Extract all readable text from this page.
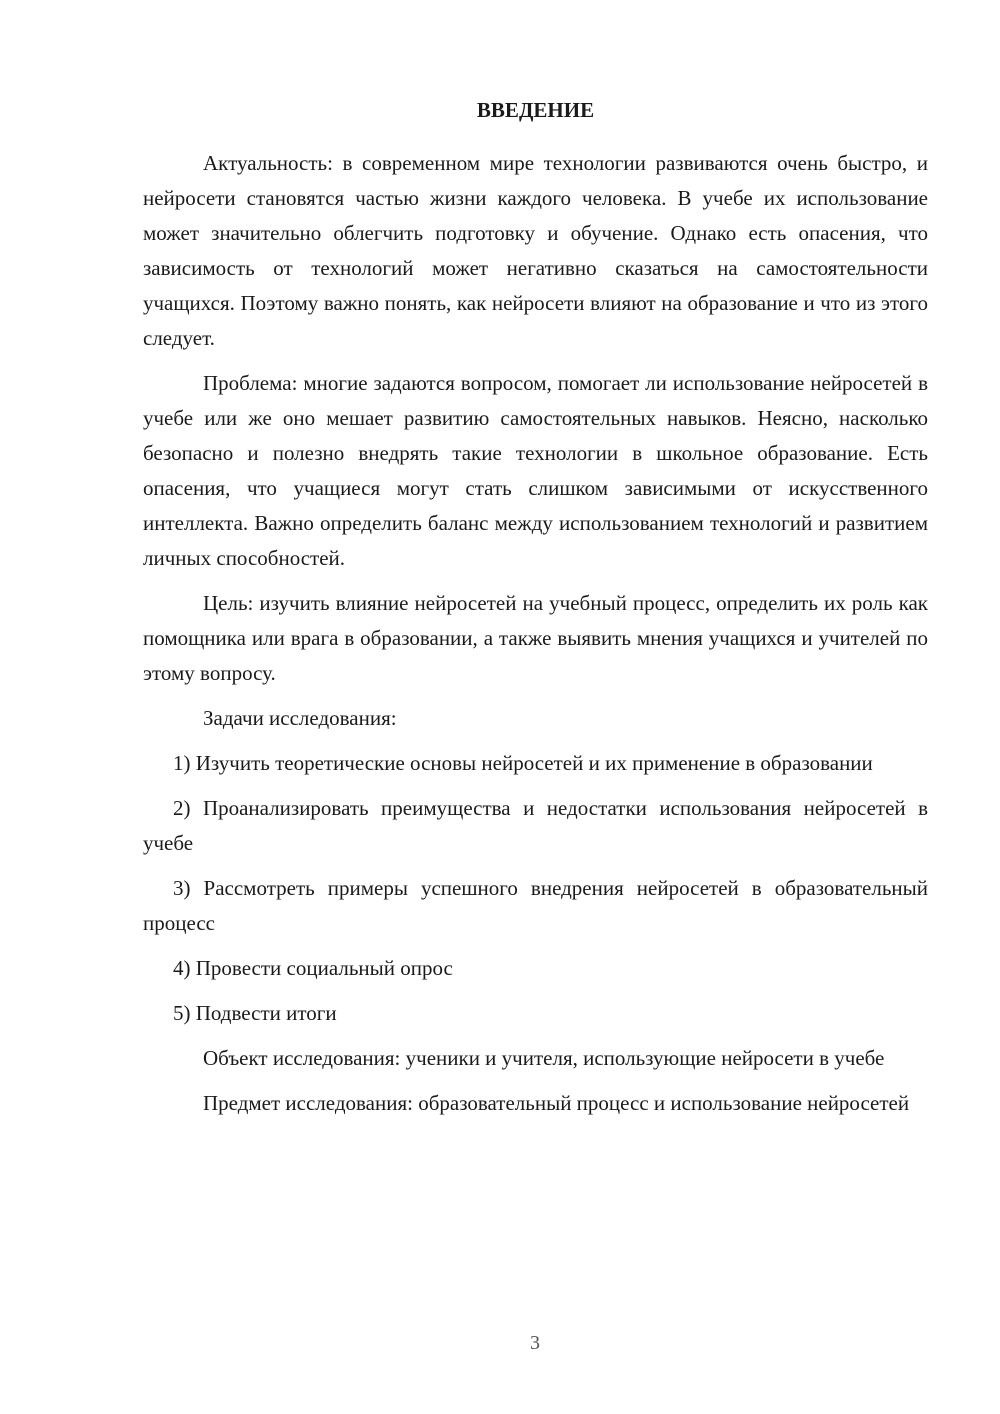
ВВЕДЕНИЕ

Актуальность: в современном мире технологии развиваются очень быстро, и нейросети становятся частью жизни каждого человека. В учебе их использование может значительно облегчить подготовку и обучение. Однако есть опасения, что зависимость от технологий может негативно сказаться на самостоятельности учащихся. Поэтому важно понять, как нейросети влияют на образование и что из этого следует.

Проблема: многие задаются вопросом, помогает ли использование нейросетей в учебе или же оно мешает развитию самостоятельных навыков. Неясно, насколько безопасно и полезно внедрять такие технологии в школьное образование. Есть опасения, что учащиеся могут стать слишком зависимыми от искусственного интеллекта. Важно определить баланс между использованием технологий и развитием личных способностей.

Цель: изучить влияние нейросетей на учебный процесс, определить их роль как помощника или врага в образовании, а также выявить мнения учащихся и учителей по этому вопросу.

Задачи исследования:

1) Изучить теоретические основы нейросетей и их применение в образовании

2) Проанализировать преимущества и недостатки использования нейросетей в учебе

3) Рассмотреть примеры успешного внедрения нейросетей в образовательный процесс

4) Провести социальный опрос

5) Подвести итоги

Объект исследования: ученики и учителя, использующие нейросети в учебе

Предмет исследования: образовательный процесс и использование нейросетей

3
